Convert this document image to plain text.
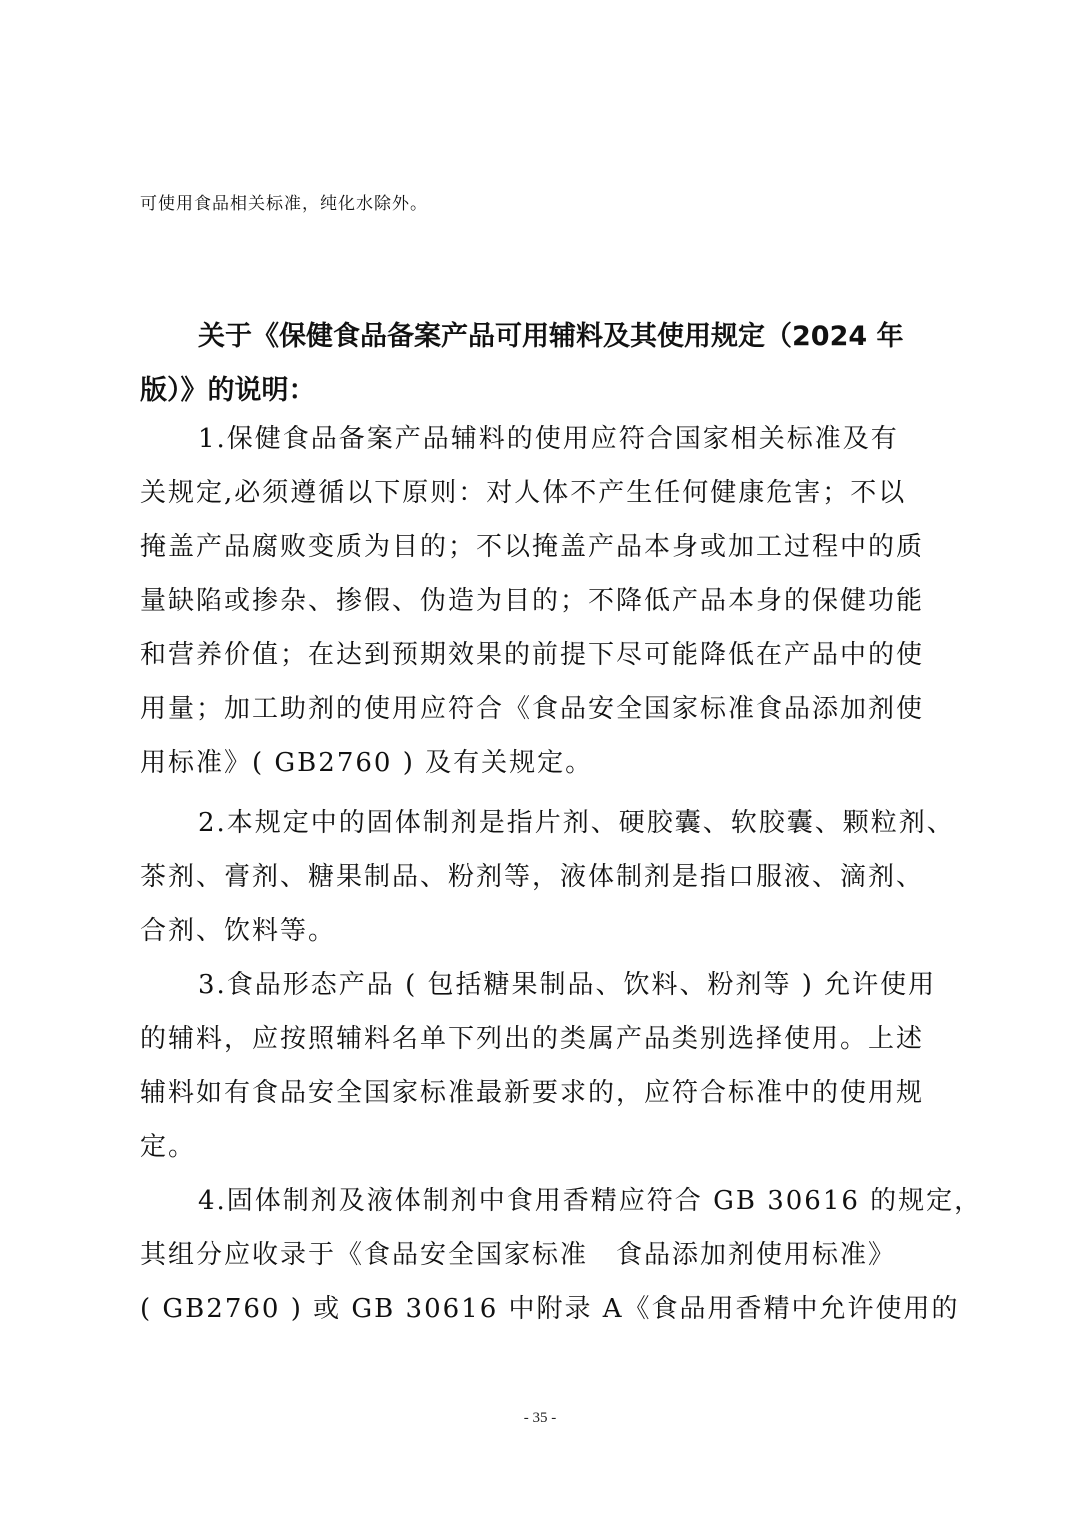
可使用食品相关标准，纯化水除外。
关于《保健食品备案产品可用辅料及其使用规定（2024 年
版）》的说明：
1.保健食品备案产品辅料的使用应符合国家相关标准及有
关规定,必须遵循以下原则：对人体不产生任何健康危害；不以
掩盖产品腐败变质为目的；不以掩盖产品本身或加工过程中的质
量缺陷或掺杂、掺假、伪造为目的；不降低产品本身的保健功能
和营养价值；在达到预期效果的前提下尽可能降低在产品中的使
用量；加工助剂的使用应符合《食品安全国家标准食品添加剂使
用标准》( GB2760 ) 及有关规定。
2.本规定中的固体制剂是指片剂、硬胶囊、软胶囊、颗粒剂、
茶剂、膏剂、糖果制品、粉剂等，液体制剂是指口服液、滴剂、
合剂、饮料等。
3.食品形态产品 ( 包括糖果制品、饮料、粉剂等 ) 允许使用
的辅料，应按照辅料名单下列出的类属产品类别选择使用。上述
辅料如有食品安全国家标准最新要求的，应符合标准中的使用规
定。
4.固体制剂及液体制剂中食用香精应符合 GB 30616 的规定，
其组分应收录于《食品安全国家标准　食品添加剂使用标准》
( GB2760 ) 或 GB 30616 中附录 A《食品用香精中允许使用的
- 35 -
